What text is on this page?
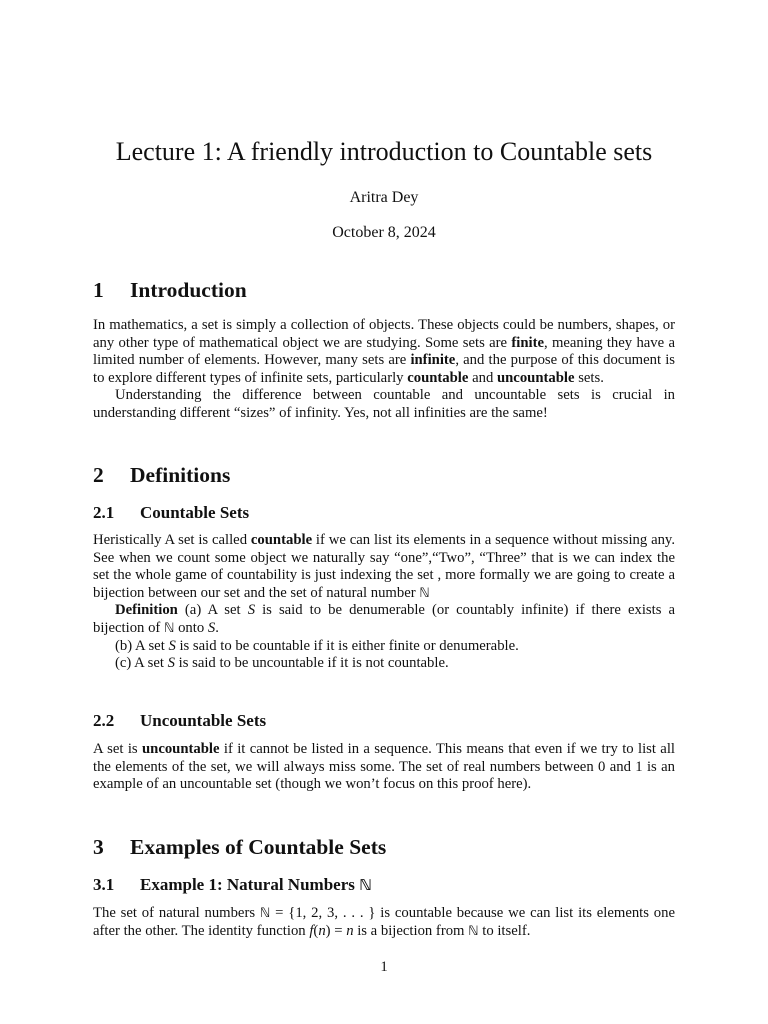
Lecture 1: A friendly introduction to Countable sets
Aritra Dey
October 8, 2024
1 Introduction

In mathematics, a set is simply a collection of objects. These objects could be numbers, shapes, or any other type of mathematical object we are studying. Some sets are finite, meaning they have a limited number of elements. However, many sets are infinite, and the purpose of this document is to explore different types of infinite sets, particularly countable and uncountable sets.

Understanding the difference between countable and uncountable sets is crucial in understanding different “sizes” of infinity. Yes, not all infinities are the same!

2 Definitions
2.1 Countable Sets

Heristically A set is called countable if we can list its elements in a sequence without missing any. See when we count some object we naturally say “one”,“Two”, “Three” that is we can index the set the whole game of countability is just indexing the set , more formally we are going to create a bijection between our set and the set of natural number ℕ

Definition (a) A set S is said to be denumerable (or countably infinite) if there exists a bijection of ℕ onto S.

(b) A set S is said to be countable if it is either finite or denumerable.

(c) A set S is said to be uncountable if it is not countable.

2.2 Uncountable Sets

A set is uncountable if it cannot be listed in a sequence. This means that even if we try to list all the elements of the set, we will always miss some. The set of real numbers between 0 and 1 is an example of an uncountable set (though we won’t focus on this proof here).

3 Examples of Countable Sets
3.1 Example 1: Natural Numbers ℕ

The set of natural numbers ℕ = {1, 2, 3, . . . } is countable because we can list its elements one after the other. The identity function f(n) = n is a bijection from ℕ to itself.

1
